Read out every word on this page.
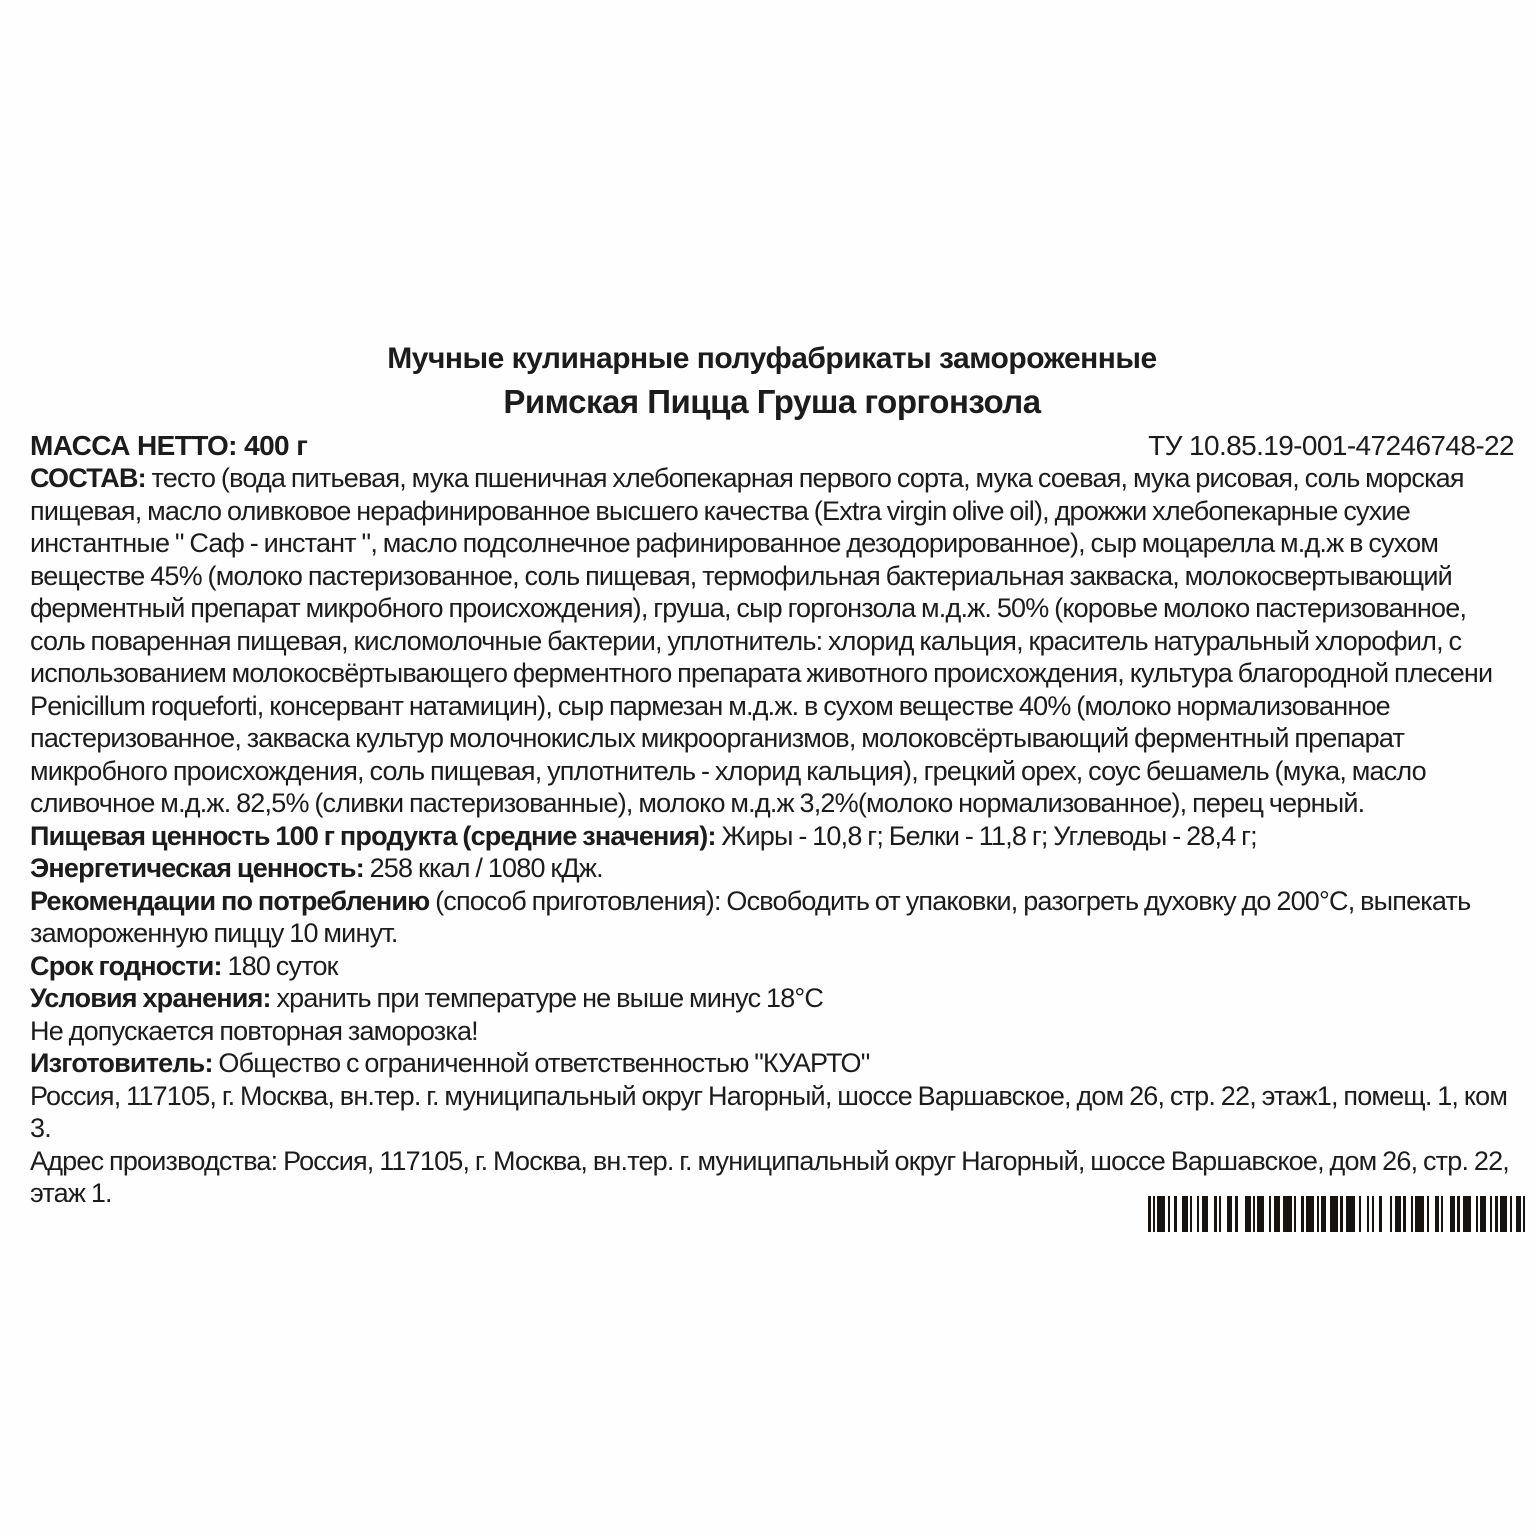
Мучные кулинарные полуфабрикаты замороженные
Римская Пицца Груша горгонзола
МАССА НЕТТО: 400 г	ТУ 10.85.19-001-47246748-22

СОСТАВ: тесто (вода питьевая, мука пшеничная хлебопекарная первого сорта, мука соевая, мука рисовая, соль морская пищевая, масло оливковое нерафинированное высшего качества (Extra virgin olive oil), дрожжи хлебопекарные сухие инстантные " Саф - инстант ", масло подсолнечное рафинированное дезодорированное), сыр моцарелла м.д.ж в сухом веществе 45% (молоко пастеризованное, соль пищевая, термофильная бактериальная закваска, молокосвертывающий ферментный препарат микробного происхождения), груша, сыр горгонзола м.д.ж. 50% (коровье молоко пастеризованное, соль поваренная пищевая, кисломолочные бактерии, уплотнитель: хлорид кальция, краситель натуральный хлорофил, с использованием молокосвёртывающего ферментного препарата животного происхождения, культура благородной плесени Penicillum roqueforti, консервант натамицин), сыр пармезан м.д.ж. в сухом веществе 40% (молоко нормализованное пастеризованное, закваска культур молочнокислых микроорганизмов, молоковсёртывающий ферментный препарат микробного происхождения, соль пищевая, уплотнитель - хлорид кальция), грецкий орех, соус бешамель (мука, масло сливочное м.д.ж. 82,5% (сливки пастеризованные), молоко м.д.ж 3,2%(молоко нормализованное), перец черный.

Пищевая ценность 100 г продукта (средние значения): Жиры - 10,8 г; Белки - 11,8 г; Углеводы - 28,4 г;

Энергетическая ценность: 258 ккал / 1080 кДж.

Рекомендации по потреблению (способ приготовления): Освободить от упаковки, разогреть духовку до 200°С, выпекать замороженную пиццу 10 минут.

Срок годности: 180 суток

Условия хранения: хранить при температуре не выше минус 18°С

Не допускается повторная заморозка!

Изготовитель: Общество с ограниченной ответственностью "КУАРТО"

Россия, 117105, г. Москва, вн.тер. г. муниципальный округ Нагорный, шоссе Варшавское, дом 26, стр. 22, этаж1, помещ. 1, ком 3.

Адрес производства: Россия, 117105, г. Москва, вн.тер. г. муниципальный округ Нагорный, шоссе Варшавское, дом 26, стр. 22, этаж 1.
